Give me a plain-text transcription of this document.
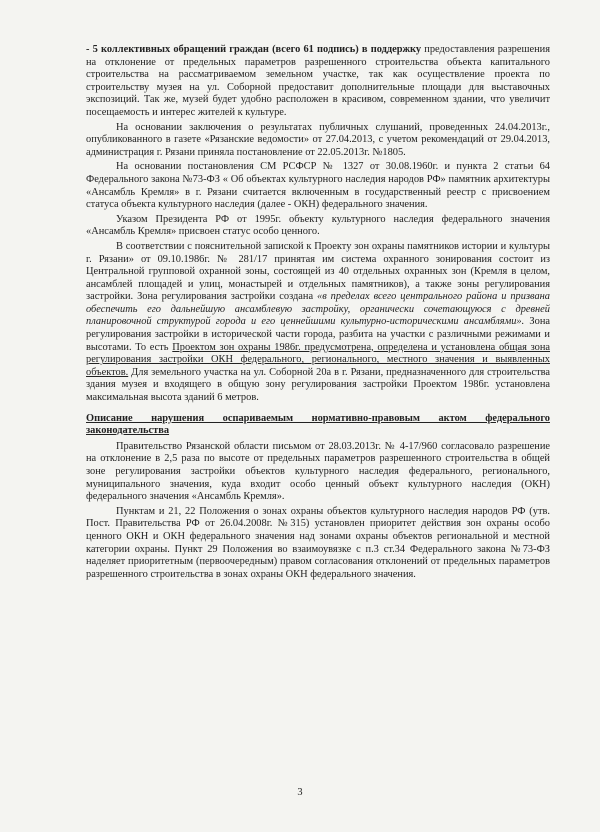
- 5 коллективных обращений граждан (всего 61 подпись) в поддержку предоставления разрешения на отклонение от предельных параметров разрешенного строительства объекта капитального строительства на рассматриваемом земельном участке, так как осуществление проекта по строительству музея на ул. Соборной предоставит дополнительные площади для выставочных экспозиций. Так же, музей будет удобно расположен в красивом, современном здании, что увеличит посещаемость и интерес жителей к культуре.

На основании заключения о результатах публичных слушаний, проведенных 24.04.2013г., опубликованного в газете «Рязанские ведомости» от 27.04.2013, с учетом рекомендаций от 29.04.2013, администрация г. Рязани приняла постановление от 22.05.2013г. №1805.

На основании постановления СМ РСФСР № 1327 от 30.08.1960г. и пункта 2 статьи 64 Федерального закона №73-ФЗ « Об объектах культурного наследия народов РФ» памятник архитектуры «Ансамбль Кремля» в г. Рязани считается включенным в государственный реестр с присвоением статуса объекта культурного наследия (далее - ОКН) федерального значения.

Указом Президента РФ от 1995г. объекту культурного наследия федерального значения «Ансамбль Кремля» присвоен статус особо ценного.

В соответствии с пояснительной запиской к Проекту зон охраны памятников истории и культуры г. Рязани» от 09.10.1986г. № 281/17 принятая им система охранного зонирования состоит из Центральной групповой охранной зоны, состоящей из 40 отдельных охранных зон (Кремля в целом, ансамблей площадей и улиц, монастырей и отдельных памятников), а также зоны регулирования застройки. Зона регулирования застройки создана «в пределах всего центрального района и призвана обеспечить его дальнейшую ансамблевую застройку, органически сочетающуюся с древней планировочной структурой города и его ценнейшими культурно-историческими ансамблями». Зона регулирования застройки в исторической части города, разбита на участки с различными режимами и высотами. То есть Проектом зон охраны 1986г. предусмотрена, определена и установлена общая зона регулирования застройки ОКН федерального, регионального, местного значения и выявленных объектов. Для земельного участка на ул. Соборной 20а в г. Рязани, предназначенного для строительства здания музея и входящего в общую зону регулирования застройки Проектом 1986г. установлена максимальная высота зданий 6 метров.

Описание нарушения оспариваемым нормативно-правовым актом федерального законодательства

Правительство Рязанской области письмом от 28.03.2013г. № 4-17/960 согласовало разрешение на отклонение в 2,5 раза по высоте от предельных параметров разрешенного строительства в общей зоне регулирования застройки объектов культурного наследия федерального, регионального, муниципального значения, куда входит особо ценный объект культурного наследия (ОКН) федерального значения «Ансамбль Кремля».

Пунктам и 21, 22 Положения о зонах охраны объектов культурного наследия народов РФ (утв. Пост. Правительства РФ от 26.04.2008г. №315) установлен приоритет действия зон охраны особо ценного ОКН и ОКН федерального значения над зонами охраны объектов региональной и местной категории охраны. Пункт 29 Положения во взаимоувязке с п.3 ст.34 Федерального закона №73-ФЗ наделяет приоритетным (первоочередным) правом согласования отклонений от предельных параметров разрешенного строительства в зонах охраны ОКН федерального значения.

3
